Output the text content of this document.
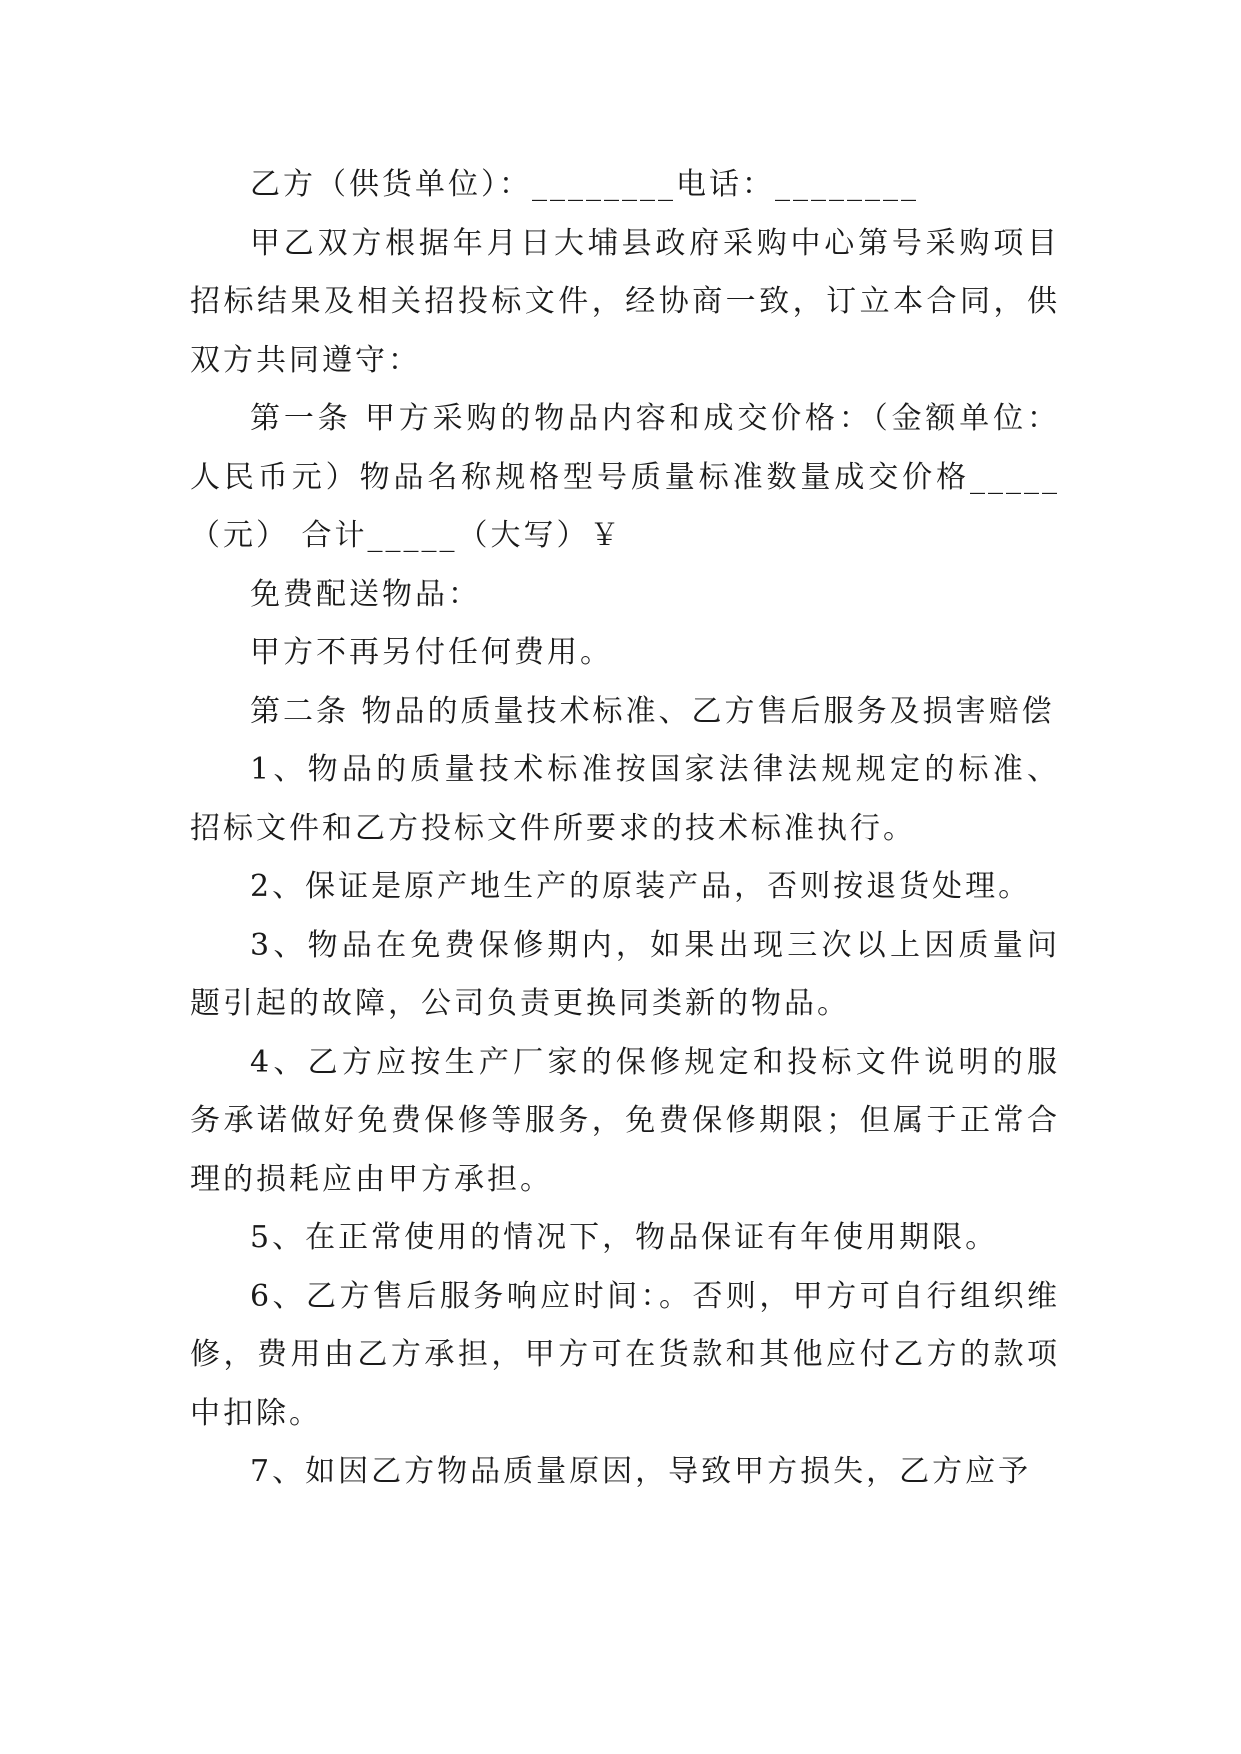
乙方（供货单位）：________电话：________

甲乙双方根据年月日大埔县政府采购中心第号采购项目招标结果及相关招投标文件，经协商一致，订立本合同，供双方共同遵守：

第一条 甲方采购的物品内容和成交价格：（金额单位：人民币元）物品名称规格型号质量标准数量成交价格_____（元） 合计_____（大写）￥

免费配送物品：

甲方不再另付任何费用。

第二条 物品的质量技术标准、乙方售后服务及损害赔偿

1、物品的质量技术标准按国家法律法规规定的标准、招标文件和乙方投标文件所要求的技术标准执行。

2、保证是原产地生产的原装产品，否则按退货处理。

3、物品在免费保修期内，如果出现三次以上因质量问题引起的故障，公司负责更换同类新的物品。

4、乙方应按生产厂家的保修规定和投标文件说明的服务承诺做好免费保修等服务，免费保修期限；但属于正常合理的损耗应由甲方承担。

5、在正常使用的情况下，物品保证有年使用期限。

6、乙方售后服务响应时间：。否则，甲方可自行组织维修，费用由乙方承担，甲方可在货款和其他应付乙方的款项中扣除。

7、如因乙方物品质量原因，导致甲方损失，乙方应予
